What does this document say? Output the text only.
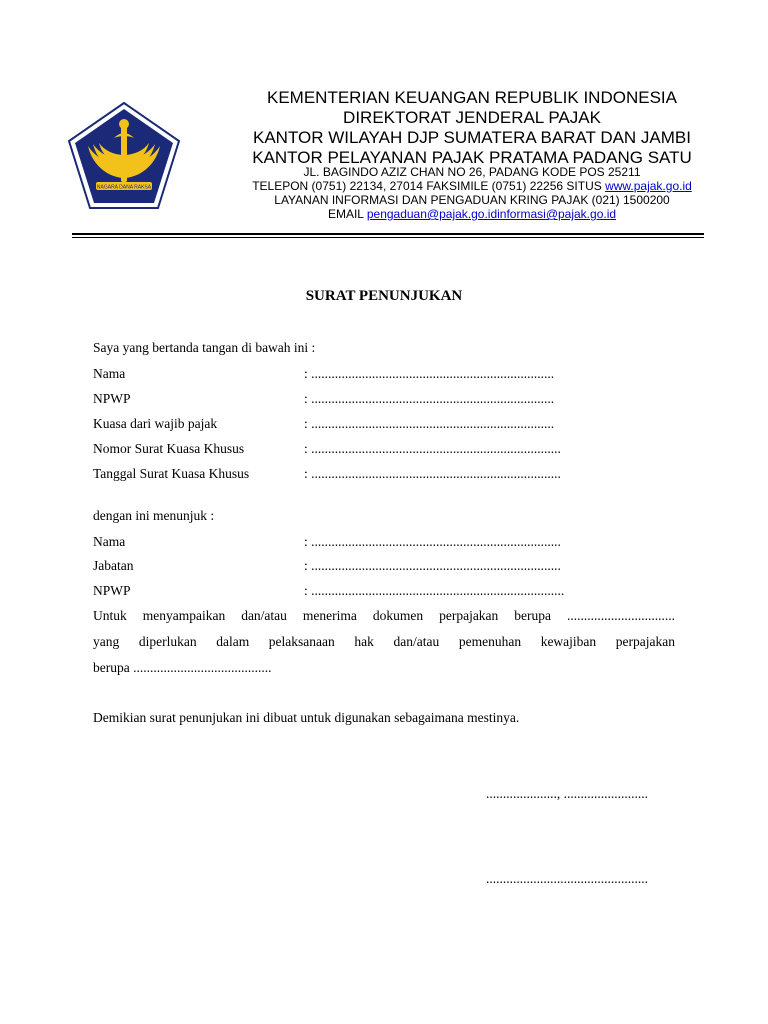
NAGARA DANA RAKSA
KEMENTERIAN KEUANGAN REPUBLIK INDONESIA
DIREKTORAT JENDERAL PAJAK
KANTOR WILAYAH DJP SUMATERA BARAT DAN JAMBI
KANTOR PELAYANAN PAJAK PRATAMA PADANG SATU
JL. BAGINDO AZIZ CHAN NO 26, PADANG KODE POS 25211
TELEPON (0751) 22134, 27014 FAKSIMILE (0751) 22256 SITUS www.pajak.go.id
LAYANAN INFORMASI DAN PENGADUAN KRING PAJAK (021) 1500200
EMAIL pengaduan@pajak.go.idinformasi@pajak.go.id
SURAT PENUNJUKAN
Saya yang bertanda tangan di bawah ini :
Nama	: ........................................................................
NPWP	: ........................................................................
Kuasa dari wajib pajak	: ........................................................................
Nomor Surat Kuasa Khusus	: ..........................................................................
Tanggal Surat Kuasa Khusus	: ..........................................................................
dengan ini menunjuk :
Nama	: ..........................................................................
Jabatan	: ..........................................................................
NPWP	: ...........................................................................
Untuk menyampaikan dan/atau menerima dokumen perpajakan berupa ................................
yang diperlukan dalam pelaksanaan hak dan/atau pemenuhan kewajiban perpajakan
berupa .........................................
Demikian surat penunjukan ini dibuat untuk digunakan sebagaimana mestinya.
....................., .........................
................................................
